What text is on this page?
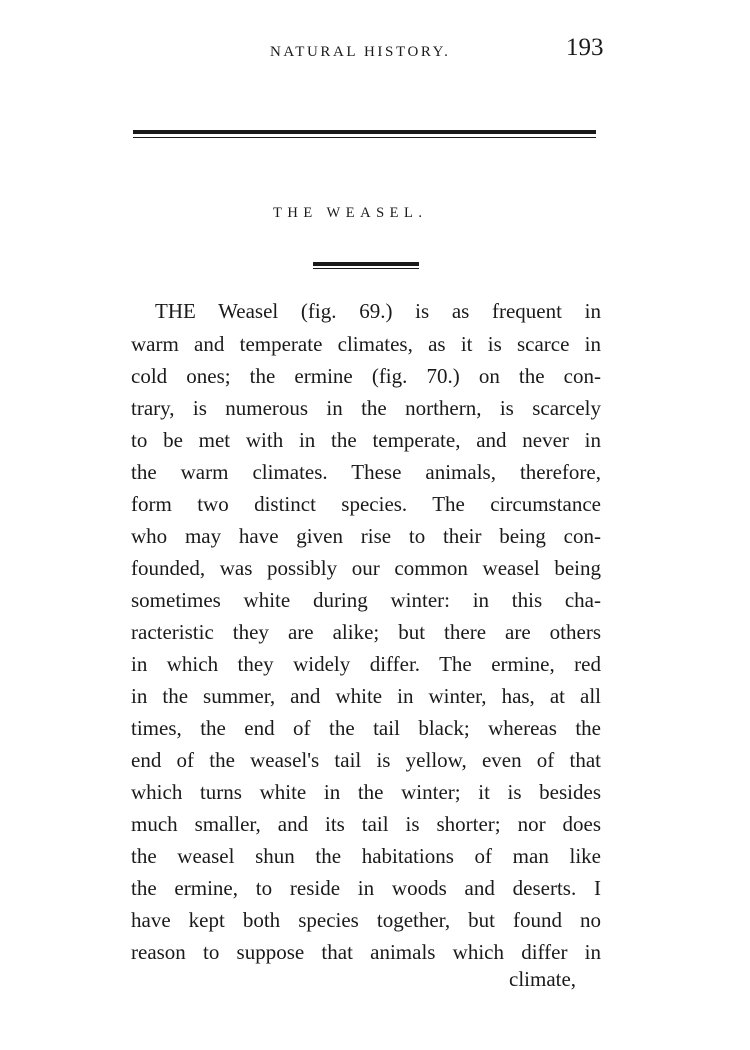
NATURAL HISTORY.	193
THE WEASEL.
THE Weasel (fig. 69.) is as frequent in
warm and temperate climates, as it is scarce in
cold ones; the ermine (fig. 70.) on the con-
trary, is numerous in the northern, is scarcely
to be met with in the temperate, and never in
the warm climates. These animals, therefore,
form two distinct species. The circumstance
who may have given rise to their being con-
founded, was possibly our common weasel being
sometimes white during winter: in this cha-
racteristic they are alike; but there are others
in which they widely differ. The ermine, red
in the summer, and white in winter, has, at all
times, the end of the tail black; whereas the
end of the weasel's tail is yellow, even of that
which turns white in the winter; it is besides
much smaller, and its tail is shorter; nor does
the weasel shun the habitations of man like
the ermine, to reside in woods and deserts. I
have kept both species together, but found no
reason to suppose that animals which differ in
climate,
